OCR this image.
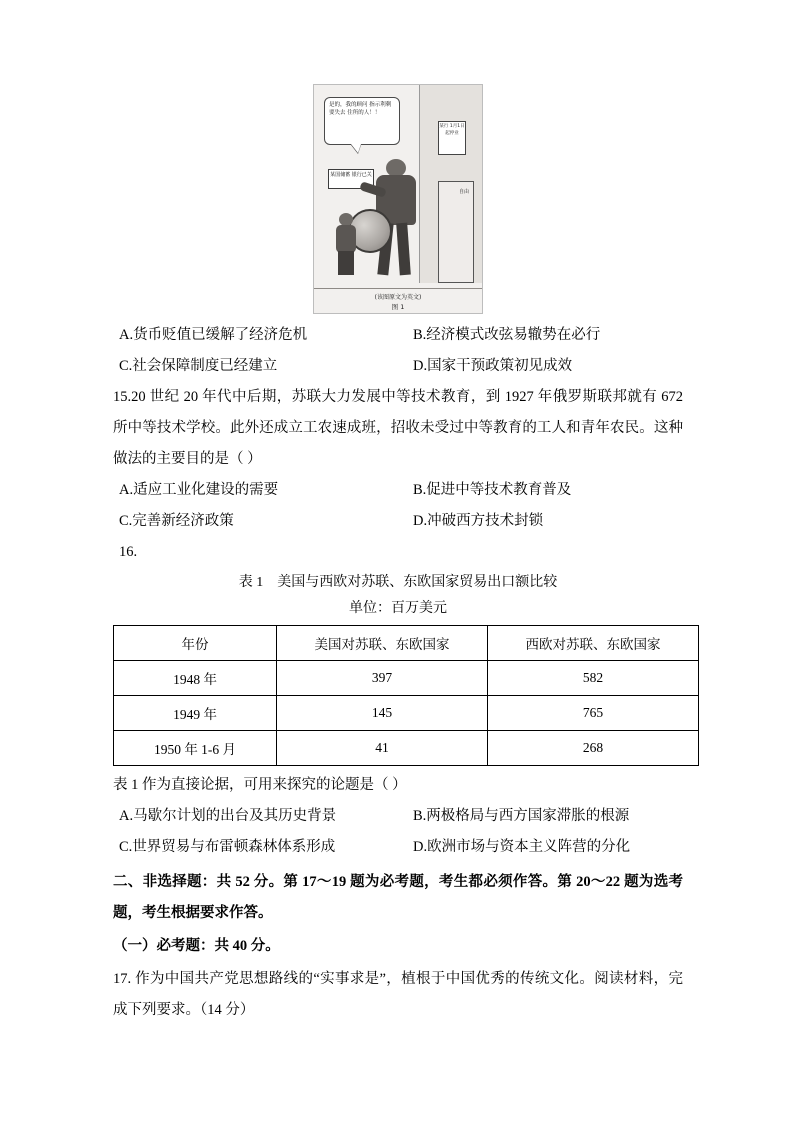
是的，我的顾问 指示利剩要失去 住所的人！！
某国储蓄 银行已关
某行 1月1日 起停业
自由
(该图原文为英文)
图 1
A.货币贬值已缓解了经济危机	B.经济模式改弦易辙势在必行
C.社会保障制度已经建立	D.国家干预政策初见成效

15.20 世纪 20 年代中后期，苏联大力发展中等技术教育，到 1927 年俄罗斯联邦就有 672 所中等技术学校。此外还成立工农速成班，招收未受过中等教育的工人和青年农民。这种做法的主要目的是（ ）

A.适应工业化建设的需要	B.促进中等技术教育普及
C.完善新经济政策	D.冲破西方技术封锁
16.
表 1　美国与西欧对苏联、东欧国家贸易出口额比较
单位：百万美元
年份	美国对苏联、东欧国家	西欧对苏联、东欧国家
1948 年	397	582
1949 年	145	765
1950 年 1-6 月	41	268
表 1 作为直接论据，可用来探究的论题是（ ）
A.马歇尔计划的出台及其历史背景	B.两极格局与西方国家滞胀的根源
C.世界贸易与布雷顿森林体系形成	D.欧洲市场与资本主义阵营的分化
二、非选择题：共 52 分。第 17～19 题为必考题，考生都必须作答。第 20～22 题为选考题，考生根据要求作答。
（一）必考题：共 40 分。
17. 作为中国共产党思想路线的“实事求是”，植根于中国优秀的传统文化。阅读材料，完成下列要求。（14 分）
